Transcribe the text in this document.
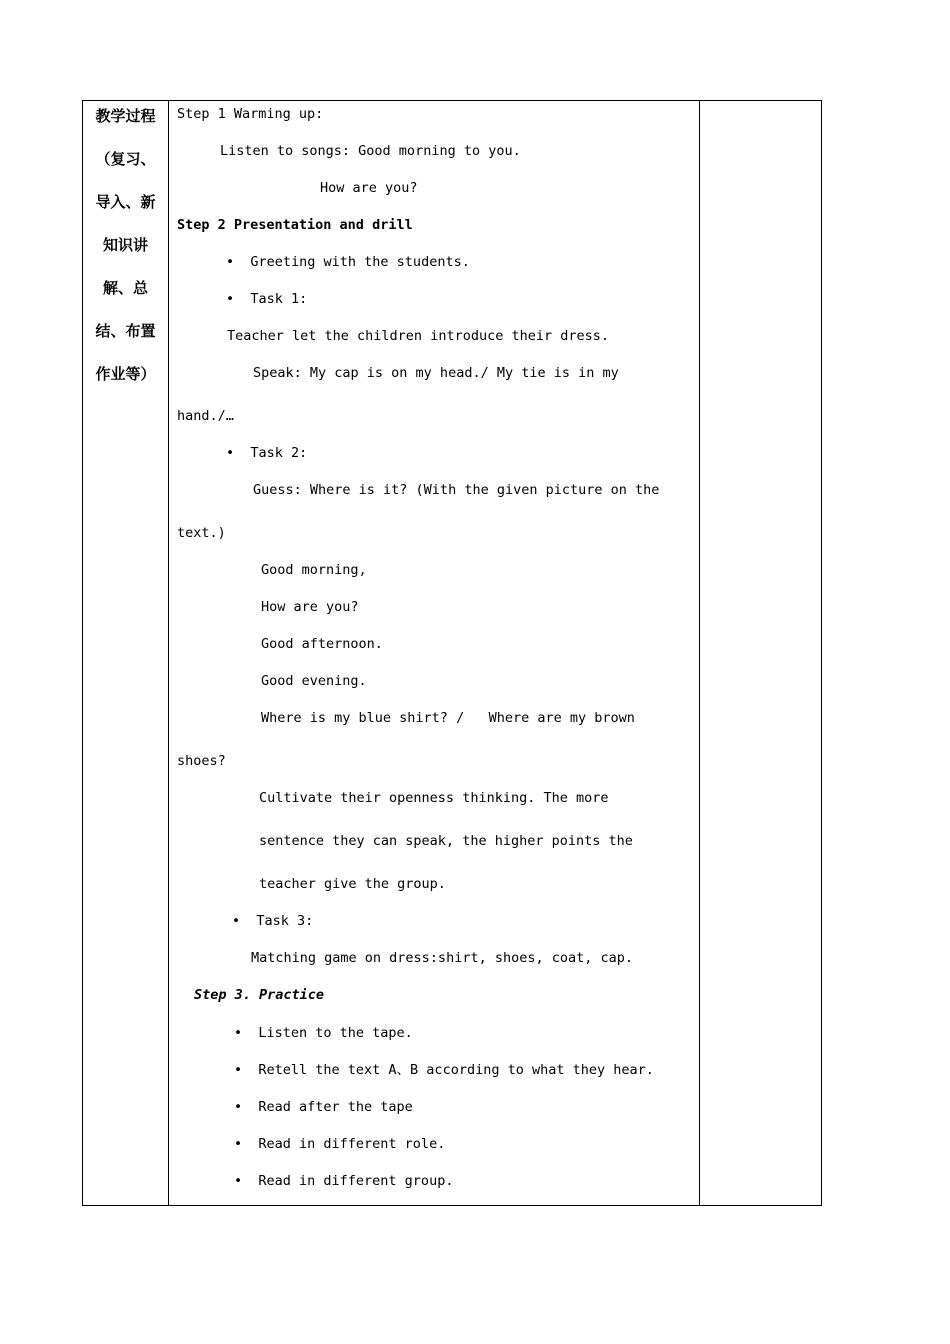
教学过程
（复习、
导入、新
知识讲
解、总
结、布置
作业等）
Step 1 Warming up:
Listen to songs: Good morning to you.
How are you?
Step 2 Presentation and drill
•  Greeting with the students.
•  Task 1:
Teacher let the children introduce their dress.
Speak: My cap is on my head./ My tie is in my
hand./…
•  Task 2:
Guess: Where is it? (With the given picture on the
text.)
Good morning,
How are you?
Good afternoon.
Good evening.
Where is my blue shirt? /   Where are my brown
shoes?
Cultivate their openness thinking. The more
sentence they can speak, the higher points the
teacher give the group.
•  Task 3:
Matching game on dress:shirt, shoes, coat, cap.
Step 3. Practice
•  Listen to the tape.
•  Retell the text A、B according to what they hear.
•  Read after the tape
•  Read in different role.
•  Read in different group.
